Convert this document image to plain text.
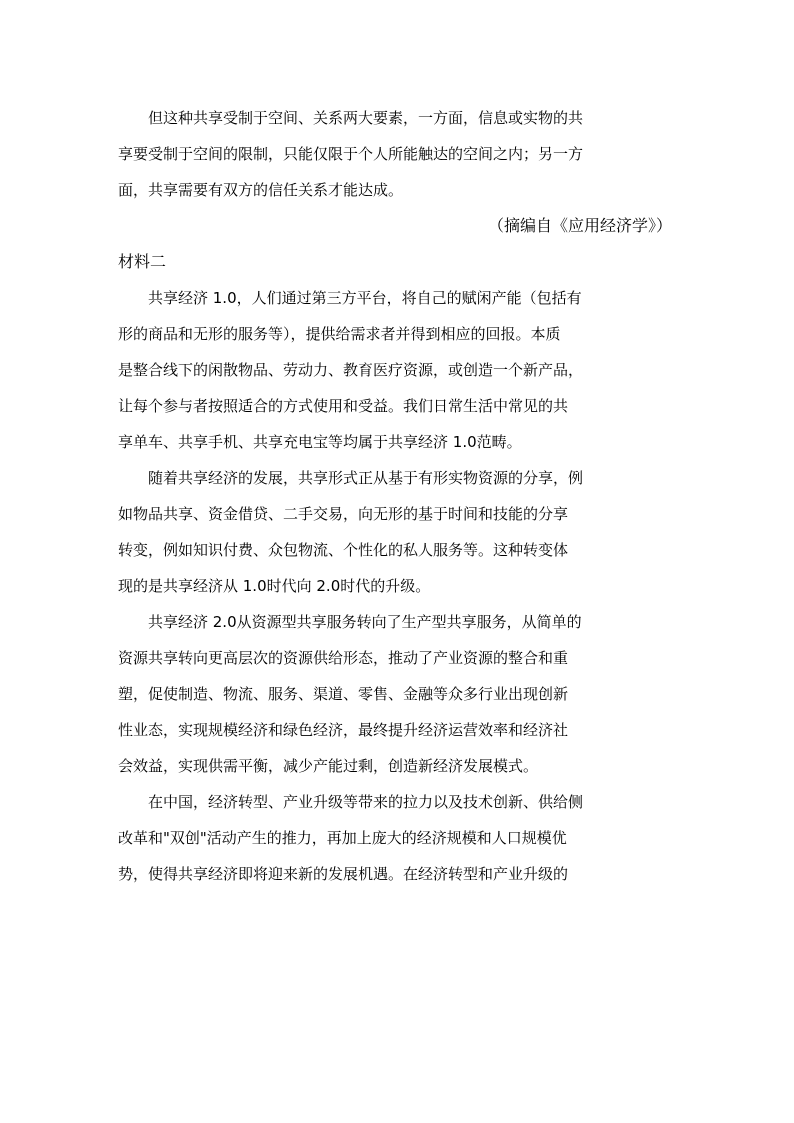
但这种共享受制于空间、关系两大要素，一方面，信息或实物的共
享要受制于空间的限制，只能仅限于个人所能触达的空间之内；另一方
面，共享需要有双方的信任关系才能达成。

（摘编自《应用经济学》）

材料二

共享经济 1.0，人们通过第三方平台，将自己的赋闲产能（包括有
形的商品和无形的服务等），提供给需求者并得到相应的回报。本质
是整合线下的闲散物品、劳动力、教育医疗资源，或创造一个新产品，
让每个参与者按照适合的方式使用和受益。我们日常生活中常见的共
享单车、共享手机、共享充电宝等均属于共享经济 1.0范畴。

随着共享经济的发展，共享形式正从基于有形实物资源的分享，例
如物品共享、资金借贷、二手交易，向无形的基于时间和技能的分享
转变，例如知识付费、众包物流、个性化的私人服务等。这种转变体
现的是共享经济从 1.0时代向 2.0时代的升级。

共享经济 2.0从资源型共享服务转向了生产型共享服务，从简单的
资源共享转向更高层次的资源供给形态，推动了产业资源的整合和重
塑，促使制造、物流、服务、渠道、零售、金融等众多行业出现创新
性业态，实现规模经济和绿色经济，最终提升经济运营效率和经济社
会效益，实现供需平衡，减少产能过剩，创造新经济发展模式。

在中国，经济转型、产业升级等带来的拉力以及技术创新、供给侧
改革和"双创"活动产生的推力，再加上庞大的经济规模和人口规模优
势，使得共享经济即将迎来新的发展机遇。在经济转型和产业升级的
